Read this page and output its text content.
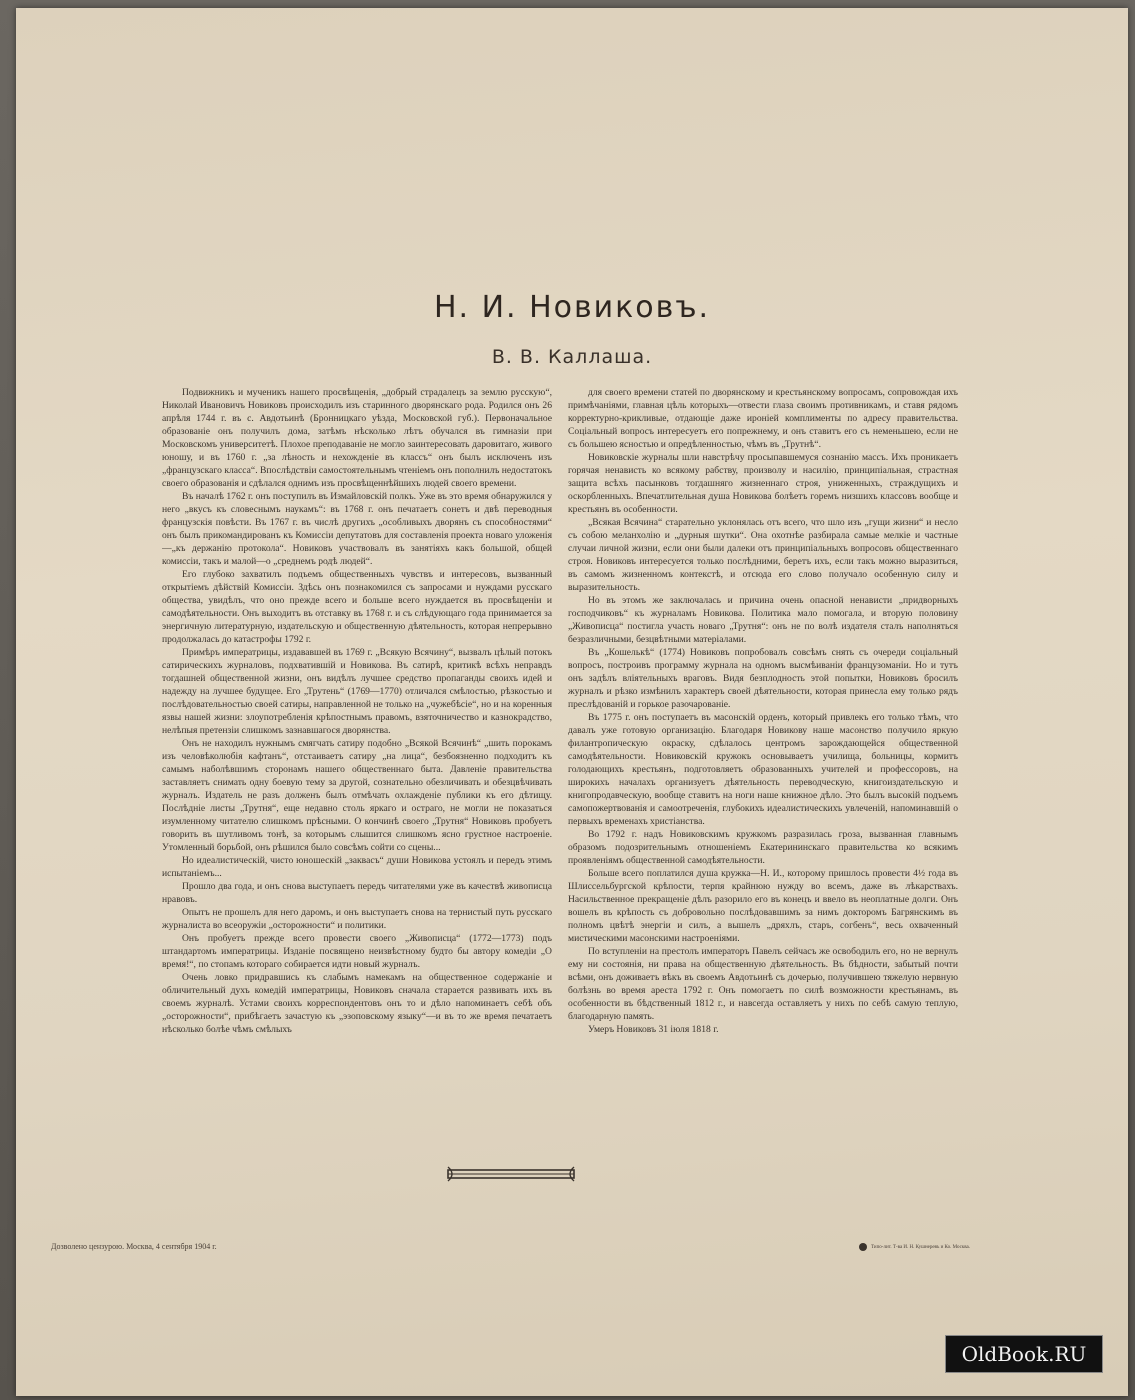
Н. И. Новиковъ.
В. В. Каллаша.

Подвижникъ и мученикъ нашего просвѣщенія, „добрый страдалецъ за землю русскую“, Николай Ивановичъ Новиковъ происходилъ изъ старинного дворянскаго рода. Родился онъ 26 апрѣля 1744 г. въ с. Авдотьинѣ (Бронницкаго уѣзда, Московской губ.). Первоначальное образованіе онъ получилъ дома, затѣмъ нѣсколько лѣтъ обучался въ гимназіи при Московскомъ университетѣ. Плохое преподаваніе не могло заинтересовать даровитаго, живого юношу, и въ 1760 г. „за лѣность и нехожденіе въ классъ“ онъ былъ исключенъ изъ „французскаго класса“. Впослѣдствіи самостоятельнымъ чтеніемъ онъ пополнилъ недостатокъ своего образованія и сдѣлался однимъ изъ просвѣщеннѣйшихъ людей своего времени.

Въ началѣ 1762 г. онъ поступилъ въ Измайловскій полкъ. Уже въ это время обнаружился у него „вкусъ къ словеснымъ наукамъ“: въ 1768 г. онъ печатаетъ сонетъ и двѣ переводныя французскія повѣсти. Въ 1767 г. въ числѣ другихъ „особливыхъ дворянъ съ способностями“ онъ былъ прикомандированъ къ Комиссіи депутатовъ для составленія проекта новаго уложенія—„къ держанію протокола“. Новиковъ участвовалъ въ занятіяхъ какъ большой, общей комиссіи, такъ и малой—о „среднемъ родѣ людей“.

Его глубоко захватилъ подъемъ общественныхъ чувствъ и интересовъ, вызванный открытіемъ дѣйствій Комиссіи. Здѣсь онъ познакомился съ запросами и нуждами русскаго общества, увидѣлъ, что оно прежде всего и больше всего нуждается въ просвѣщеніи и самодѣятельности. Онъ выходитъ въ отставку въ 1768 г. и съ слѣдующаго года принимается за энергичную литературную, издательскую и общественную дѣятельность, которая непрерывно продолжалась до катастрофы 1792 г.

Примѣръ императрицы, издававшей въ 1769 г. „Всякую Всячину“, вызвалъ цѣлый потокъ сатирическихъ журналовъ, подхватившій и Новикова. Въ сатирѣ, критикѣ всѣхъ неправдъ тогдашней общественной жизни, онъ видѣлъ лучшее средство пропаганды своихъ идей и надежду на лучшее будущее. Его „Трутень“ (1769—1770) отличался смѣлостью, рѣзкостью и послѣдовательностью своей сатиры, направленной не только на „чужебѣсіе“, но и на коренныя язвы нашей жизни: злоупотребленія крѣпостнымъ правомъ, взяточничество и казнокрадство, нелѣпыя претензіи слишкомъ зазнавшагося дворянства.

Онъ не находилъ нужнымъ смягчать сатиру подобно „Всякой Всячинѣ“ „шить порокамъ изъ человѣколюбія кафтанъ“, отстаиваетъ сатиру „на лица“, безбоязненно подходитъ къ самымъ наболѣвшимъ сторонамъ нашего общественнаго быта. Давленіе правительства заставляетъ снимать одну боевую тему за другой, сознательно обезличивать и обезцвѣчивать журналъ. Издатель не разъ долженъ былъ отмѣчать охлажденіе публики къ его дѣтищу. Послѣдніе листы „Трутня“, еще недавно столь яркаго и остраго, не могли не показаться изумленному читателю слишкомъ прѣсными. О кончинѣ своего „Трутня“ Новиковъ пробуетъ говорить въ шутливомъ тонѣ, за которымъ слышится слишкомъ ясно грустное настроеніе. Утомленный борьбой, онъ рѣшился было совсѣмъ сойти со сцены...

Но идеалистическій, чисто юношескій „закваcъ“ души Новикова устоялъ и передъ этимъ испытаніемъ...

Прошло два года, и онъ снова выступаетъ передъ читателями уже въ качествѣ живописца нравовъ.

Опытъ не прошелъ для него даромъ, и онъ выступаетъ снова на тернистый путь русскаго журналиста во всеоружіи „осторожности“ и политики.

Онъ пробуетъ прежде всего провести своего „Живописца“ (1772—1773) подъ штандартомъ императрицы. Изданіе посвящено неизвѣстному будто бы автору комедіи „О время!“, по стопамъ котораго собирается идти новый журналъ.

Очень ловко придравшись къ слабымъ намекамъ на общественное содержаніе и обличительный духъ комедій императрицы, Новиковъ сначала старается развивать ихъ въ своемъ журналѣ. Устами своихъ корреспондентовъ онъ то и дѣло напоминаетъ себѣ объ „осторожности“, прибѣгаетъ зачастую къ „эзоповскому языку“—и въ то же время печатаетъ нѣсколько болѣе чѣмъ смѣлыхъ

для своего времени статей по дворянскому и крестьянскому вопросамъ, сопровождая ихъ примѣчаніями, главная цѣль которыхъ—отвести глаза своимъ противникамъ, и ставя рядомъ корректурно-крикливые, отдающіе даже ироніей комплименты по адресу правительства. Соціальный вопросъ интересуетъ его попрежнему, и онъ ставитъ его съ неменьшею, если не съ большею ясностью и опредѣленностью, чѣмъ въ „Трутнѣ“.

Новиковскіе журналы шли навстрѣчу просыпавшемуся сознанію массъ. Ихъ проникаетъ горячая ненависть ко всякому рабству, произволу и насилію, принципіальная, страстная защита всѣхъ пасынковъ тогдашняго жизненнаго строя, униженныхъ, страждущихъ и оскорбленныхъ. Впечатлительная душа Новикова болѣетъ горемъ низшихъ классовъ вообще и крестьянъ въ особенности.

„Всякая Всячина“ старательно уклонялась отъ всего, что шло изъ „гущи жизни“ и несло съ собою меланхолію и „дурныя шутки“. Она охотнѣе разбирала самые мелкіе и частные случаи личной жизни, если они были далеки отъ принципіальныхъ вопросовъ общественнаго строя. Новиковъ интересуется только послѣдними, беретъ ихъ, если такъ можно выразиться, въ самомъ жизненномъ контекстѣ, и отсюда его слово получало особенную силу и выразительность.

Но въ этомъ же заключалась и причина очень опасной ненависти „придворныхъ господчиковъ“ къ журналамъ Новикова. Политика мало помогала, и вторую половину „Живописца“ постигла участь новаго „Трутня“: онъ не по волѣ издателя сталъ наполняться безразличными, безцвѣтными матеріалами.

Въ „Кошелькѣ“ (1774) Новиковъ попробовалъ совсѣмъ снять съ очереди соціальный вопросъ, построивъ программу журнала на одномъ высмѣиваніи французоманіи. Но и тутъ онъ задѣлъ вліятельныхъ враговъ. Видя безплодность этой попытки, Новиковъ бросилъ журналъ и рѣзко измѣнилъ характеръ своей дѣятельности, которая принесла ему только рядъ преслѣдованій и горькое разочарованіе.

Въ 1775 г. онъ поступаетъ въ масонскій орденъ, который привлекъ его только тѣмъ, что давалъ уже готовую организацію. Благодаря Новикову наше масонство получило яркую филантропическую окраску, сдѣлалось центромъ зарождающейся общественной самодѣятельности. Новиковскій кружокъ основываетъ училища, больницы, кормитъ голодающихъ крестьянъ, подготовляетъ образованныхъ учителей и профессоровъ, на широкихъ началахъ организуетъ дѣятельность переводческую, книгоиздательскую и книгопродавческую, вообще ставитъ на ноги наше книжное дѣло. Это былъ высокій подъемъ самопожертвованія и самоотреченія, глубокихъ идеалистическихъ увлеченій, напоминавшій о первыхъ временахъ христіанства.

Во 1792 г. надъ Новиковскимъ кружкомъ разразилась гроза, вызванная главнымъ образомъ подозрительнымъ отношеніемъ Екатерининскаго правительства ко всякимъ проявленіямъ общественной самодѣятельности.

Больше всего поплатился душа кружка—Н. И., которому пришлось провести 4½ года въ Шлиссельбургской крѣпости, терпя крайнюю нужду во всемъ, даже въ лѣкарствахъ. Насильственное прекращеніе дѣлъ разорило его въ конецъ и ввело въ неоплатные долги. Онъ вошелъ въ крѣпость съ добровольно послѣдовавшимъ за нимъ докторомъ Багрянскимъ въ полномъ цвѣтѣ энергіи и силъ, а вышелъ „дряхлъ, старъ, согбенъ“, весь охваченный мистическими масонскими настроеніями.

По вступленіи на престолъ императоръ Павелъ сейчасъ же освободилъ его, но не вернулъ ему ни состоянія, ни права на общественную дѣятельность. Въ бѣдности, забытый почти всѣми, онъ доживаетъ вѣкъ въ своемъ Авдотьинѣ съ дочерью, получившею тяжелую нервную болѣзнь во время ареста 1792 г. Онъ помогаетъ по силѣ возможности крестьянамъ, въ особенности въ бѣдственный 1812 г., и навсегда оставляетъ у нихъ по себѣ самую теплую, благодарную память.

Умеръ Новиковъ 31 іюля 1818 г.

Дозволено цензурою. Москва, 4 сентября 1904 г.	Типо-лит. Т-ва И. Н. Кушнеревъ и Ко. Москва.
OldBook.RU
